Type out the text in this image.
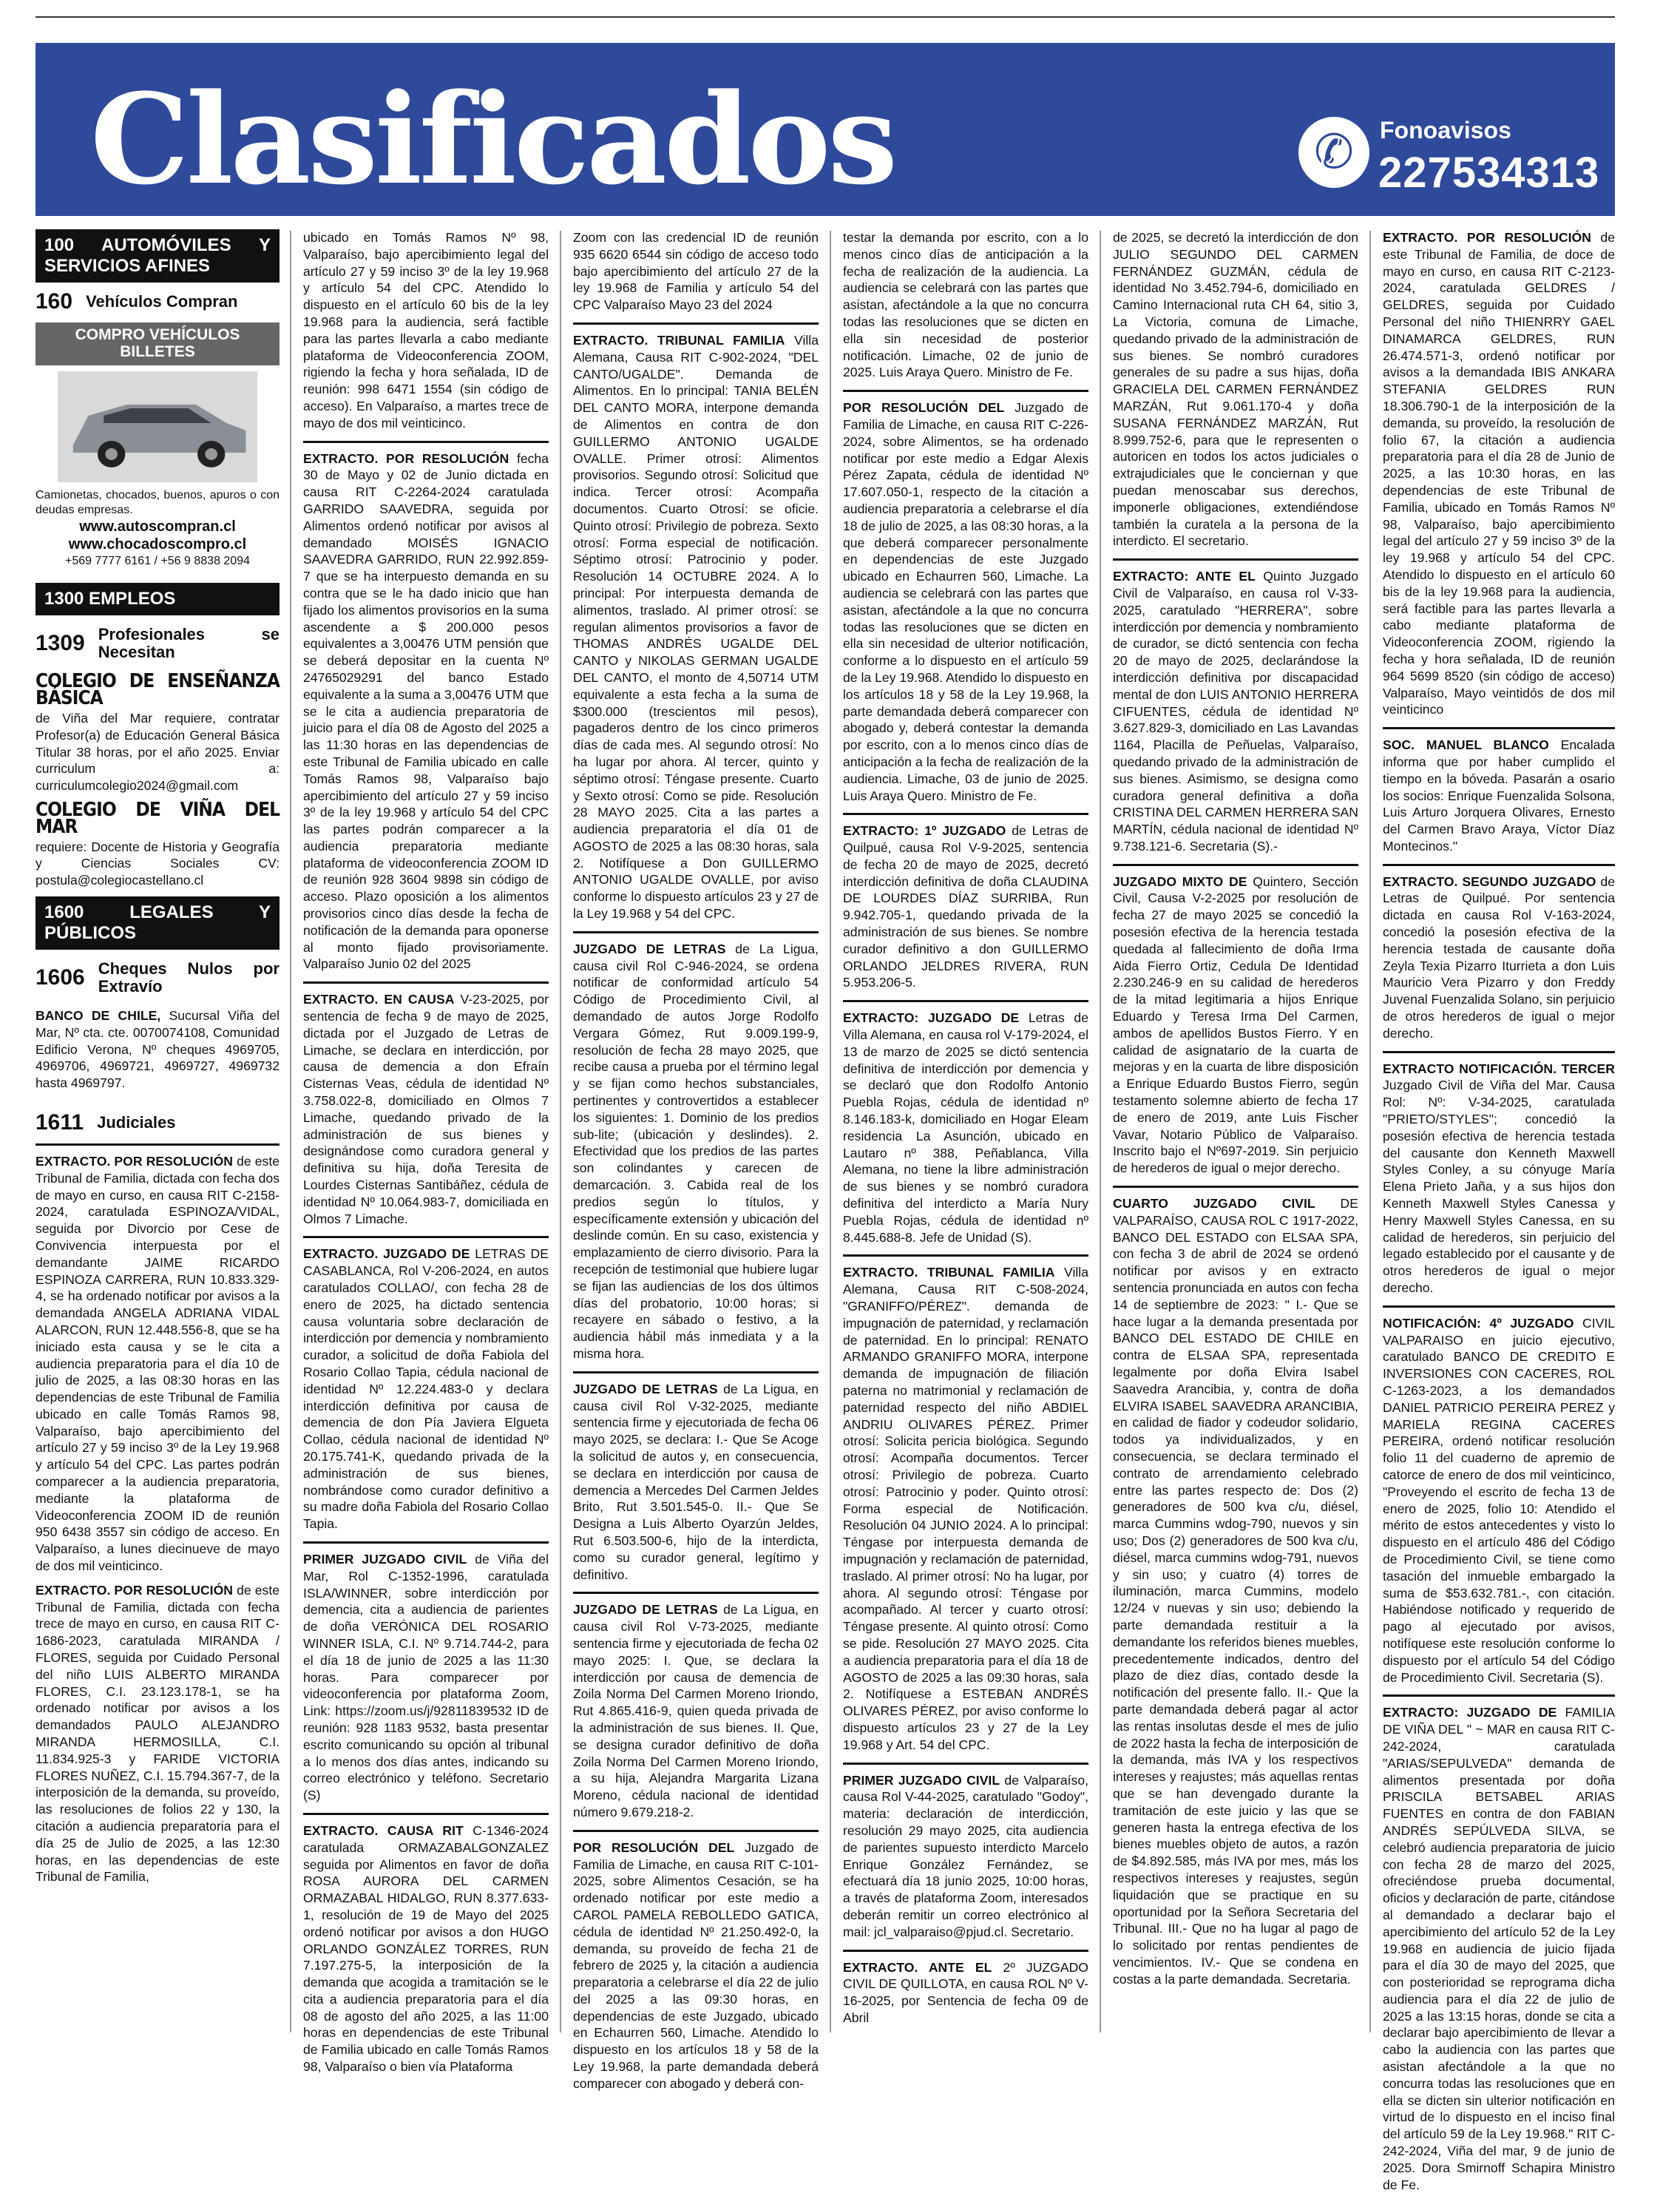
Clasificados	✆	Fonoavisos
227534313
100 AUTOMÓVILES Y SERVICIOS AFINES
160 Vehículos Compran
COMPRO VEHÍCULOS BILLETES
Camionetas, chocados, buenos, apuros o con deudas empresas.
www.autoscompran.cl
www.chocadoscompro.cl
+569 7777 6161 / +56 9 8838 2094
1300 EMPLEOS
1309 Profesionales se Necesitan
COLEGIO DE ENSEÑANZA BÁSICA

de Viña del Mar requiere, contratar Profesor(a) de Educación General Básica Titular 38 horas, por el año 2025. Enviar curriculum a: curriculumcolegio2024@gmail.com

COLEGIO DE VIÑA DEL MAR

requiere: Docente de Historia y Geografía y Ciencias Sociales CV: postula@colegiocastellano.cl

1600 LEGALES Y PÚBLICOS
1606 Cheques Nulos por Extravío

BANCO DE CHILE, Sucursal Viña del Mar, Nº cta. cte. 0070074108, Comunidad Edificio Verona, Nº cheques 4969705, 4969706, 4969721, 4969727, 4969732 hasta 4969797.

1611 Judiciales

EXTRACTO. POR RESOLUCIÓN de este Tribunal de Familia, dictada con fecha dos de mayo en curso, en causa RIT C-2158-2024, caratulada ESPINOZA/VIDAL, seguida por Divorcio por Cese de Convivencia interpuesta por el demandante JAIME RICARDO ESPINOZA CARRERA, RUN 10.833.329-4, se ha ordenado notificar por avisos a la demandada ANGELA ADRIANA VIDAL ALARCON, RUN 12.448.556-8, que se ha iniciado esta causa y se le cita a audiencia preparatoria para el día 10 de julio de 2025, a las 08:30 horas en las dependencias de este Tribunal de Familia ubicado en calle Tomás Ramos 98, Valparaíso, bajo apercibimiento del artículo 27 y 59 inciso 3º de la Ley 19.968 y artículo 54 del CPC. Las partes podrán comparecer a la audiencia preparatoria, mediante la plataforma de Videoconferencia ZOOM ID de reunión 950 6438 3557 sin código de acceso. En Valparaíso, a lunes diecinueve de mayo de dos mil veinticinco.

EXTRACTO. POR RESOLUCIÓN de este Tribunal de Familia, dictada con fecha trece de mayo en curso, en causa RIT C-1686-2023, caratulada MIRANDA / FLORES, seguida por Cuidado Personal del niño LUIS ALBERTO MIRANDA FLORES, C.I. 23.123.178-1, se ha ordenado notificar por avisos a los demandados PAULO ALEJANDRO MIRANDA HERMOSILLA, C.I. 11.834.925-3 y FARIDE VICTORIA FLORES NUÑEZ, C.I. 15.794.367-7, de la interposición de la demanda, su proveído, las resoluciones de folios 22 y 130, la citación a audiencia preparatoria para el día 25 de Julio de 2025, a las 12:30 horas, en las dependencias de este Tribunal de Familia,

ubicado en Tomás Ramos Nº 98, Valparaíso, bajo apercibimiento legal del artículo 27 y 59 inciso 3º de la ley 19.968 y artículo 54 del CPC. Atendido lo dispuesto en el artículo 60 bis de la ley 19.968 para la audiencia, será factible para las partes llevarla a cabo mediante plataforma de Videoconferencia ZOOM, rigiendo la fecha y hora señalada, ID de reunión: 998 6471 1554 (sin código de acceso). En Valparaíso, a martes trece de mayo de dos mil veinticinco.

EXTRACTO. POR RESOLUCIÓN fecha 30 de Mayo y 02 de Junio dictada en causa RIT C-2264-2024 caratulada GARRIDO SAAVEDRA, seguida por Alimentos ordenó notificar por avisos al demandado MOISÉS IGNACIO SAAVEDRA GARRIDO, RUN 22.992.859-7 que se ha interpuesto demanda en su contra que se le ha dado inicio que han fijado los alimentos provisorios en la suma ascendente a $ 200.000 pesos equivalentes a 3,00476 UTM pensión que se deberá depositar en la cuenta Nº 24765029291 del banco Estado equivalente a la suma a 3,00476 UTM que se le cita a audiencia preparatoria de juicio para el día 08 de Agosto del 2025 a las 11:30 horas en las dependencias de este Tribunal de Familia ubicado en calle Tomás Ramos 98, Valparaíso bajo apercibimiento del artículo 27 y 59 inciso 3º de la ley 19.968 y artículo 54 del CPC las partes podrán comparecer a la audiencia preparatoria mediante plataforma de videoconferencia ZOOM ID de reunión 928 3604 9898 sin código de acceso. Plazo oposición a los alimentos provisorios cinco días desde la fecha de notificación de la demanda para oponerse al monto fijado provisoriamente. Valparaíso Junio 02 del 2025

EXTRACTO. EN CAUSA V-23-2025, por sentencia de fecha 9 de mayo de 2025, dictada por el Juzgado de Letras de Limache, se declara en interdicción, por causa de demencia a don Efraín Cisternas Veas, cédula de identidad Nº 3.758.022-8, domiciliado en Olmos 7 Limache, quedando privado de la administración de sus bienes y designándose como curadora general y definitiva su hija, doña Teresita de Lourdes Cisternas Santibáñez, cédula de identidad Nº 10.064.983-7, domiciliada en Olmos 7 Limache.

EXTRACTO. JUZGADO DE LETRAS DE CASABLANCA, Rol V-206-2024, en autos caratulados COLLAO/, con fecha 28 de enero de 2025, ha dictado sentencia causa voluntaria sobre declaración de interdicción por demencia y nombramiento curador, a solicitud de doña Fabiola del Rosario Collao Tapia, cédula nacional de identidad Nº 12.224.483-0 y declara interdicción definitiva por causa de demencia de don Pía Javiera Elgueta Collao, cédula nacional de identidad Nº 20.175.741-K, quedando privada de la administración de sus bienes, nombrándose como curador definitivo a su madre doña Fabiola del Rosario Collao Tapia.

PRIMER JUZGADO CIVIL de Viña del Mar, Rol C-1352-1996, caratulada ISLA/WINNER, sobre interdicción por demencia, cita a audiencia de parientes de doña VERÓNICA DEL ROSARIO WINNER ISLA, C.I. Nº 9.714.744-2, para el día 18 de junio de 2025 a las 11:30 horas. Para comparecer por videoconferencia por plataforma Zoom, Link: https://zoom.us/j/92811839532 ID de reunión: 928 1183 9532, basta presentar escrito comunicando su opción al tribunal a lo menos dos días antes, indicando su correo electrónico y teléfono. Secretario (S)

EXTRACTO. CAUSA RIT C-1346-2024 caratulada ORMAZABALGONZALEZ seguida por Alimentos en favor de doña ROSA AURORA DEL CARMEN ORMAZABAL HIDALGO, RUN 8.377.633-1, resolución de 19 de Mayo del 2025 ordenó notificar por avisos a don HUGO ORLANDO GONZÁLEZ TORRES, RUN 7.197.275-5, la interposición de la demanda que acogida a tramitación se le cita a audiencia preparatoria para el día 08 de agosto del año 2025, a las 11:00 horas en dependencias de este Tribunal de Familia ubicado en calle Tomás Ramos 98, Valparaíso o bien vía Plataforma

Zoom con las credencial ID de reunión 935 6620 6544 sin código de acceso todo bajo apercibimiento del artículo 27 de la ley 19.968 de Familia y artículo 54 del CPC Valparaíso Mayo 23 del 2024

EXTRACTO. TRIBUNAL FAMILIA Villa Alemana, Causa RIT C-902-2024, "DEL CANTO/UGALDE". Demanda de Alimentos. En lo principal: TANIA BELÉN DEL CANTO MORA, interpone demanda de Alimentos en contra de don GUILLERMO ANTONIO UGALDE OVALLE. Primer otrosí: Alimentos provisorios. Segundo otrosí: Solicitud que indica. Tercer otrosí: Acompaña documentos. Cuarto Otrosí: se oficie. Quinto otrosí: Privilegio de pobreza. Sexto otrosí: Forma especial de notificación. Séptimo otrosí: Patrocinio y poder. Resolución 14 OCTUBRE 2024. A lo principal: Por interpuesta demanda de alimentos, traslado. Al primer otrosí: se regulan alimentos provisorios a favor de THOMAS ANDRÉS UGALDE DEL CANTO y NIKOLAS GERMAN UGALDE DEL CANTO, el monto de 4,50714 UTM equivalente a esta fecha a la suma de $300.000 (trescientos mil pesos), pagaderos dentro de los cinco primeros días de cada mes. Al segundo otrosí: No ha lugar por ahora. Al tercer, quinto y séptimo otrosí: Téngase presente. Cuarto y Sexto otrosí: Como se pide. Resolución 28 MAYO 2025. Cita a las partes a audiencia preparatoria el día 01 de AGOSTO de 2025 a las 08:30 horas, sala 2. Notifíquese a Don GUILLERMO ANTONIO UGALDE OVALLE, por aviso conforme lo dispuesto artículos 23 y 27 de la Ley 19.968 y 54 del CPC.

JUZGADO DE LETRAS de La Ligua, causa civil Rol C-946-2024, se ordena notificar de conformidad artículo 54 Código de Procedimiento Civil, al demandado de autos Jorge Rodolfo Vergara Gómez, Rut 9.009.199-9, resolución de fecha 28 mayo 2025, que recibe causa a prueba por el término legal y se fijan como hechos substanciales, pertinentes y controvertidos a establecer los siguientes: 1. Dominio de los predios sub-lite; (ubicación y deslindes). 2. Efectividad que los predios de las partes son colindantes y carecen de demarcación. 3. Cabida real de los predios según lo títulos, y específicamente extensión y ubicación del deslinde común. En su caso, existencia y emplazamiento de cierro divisorio. Para la recepción de testimonial que hubiere lugar se fijan las audiencias de los dos últimos días del probatorio, 10:00 horas; si recayere en sábado o festivo, a la audiencia hábil más inmediata y a la misma hora.

JUZGADO DE LETRAS de La Ligua, en causa civil Rol V-32-2025, mediante sentencia firme y ejecutoriada de fecha 06 mayo 2025, se declara: I.- Que Se Acoge la solicitud de autos y, en consecuencia, se declara en interdicción por causa de demencia a Mercedes Del Carmen Jeldes Brito, Rut 3.501.545-0. II.- Que Se Designa a Luis Alberto Oyarzún Jeldes, Rut 6.503.500-6, hijo de la interdicta, como su curador general, legítimo y definitivo.

JUZGADO DE LETRAS de La Ligua, en causa civil Rol V-73-2025, mediante sentencia firme y ejecutoriada de fecha 02 mayo 2025: I. Que, se declara la interdicción por causa de demencia de Zoila Norma Del Carmen Moreno Iriondo, Rut 4.865.416-9, quien queda privada de la administración de sus bienes. II. Que, se designa curador definitivo de doña Zoila Norma Del Carmen Moreno Iriondo, a su hija, Alejandra Margarita Lizana Moreno, cédula nacional de identidad número 9.679.218-2.

POR RESOLUCIÓN DEL Juzgado de Familia de Limache, en causa RIT C-101-2025, sobre Alimentos Cesación, se ha ordenado notificar por este medio a CAROL PAMELA REBOLLEDO GATICA, cédula de identidad Nº 21.250.492-0, la demanda, su proveído de fecha 21 de febrero de 2025 y, la citación a audiencia preparatoria a celebrarse el día 22 de julio del 2025 a las 09:30 horas, en dependencias de este Juzgado, ubicado en Echaurren 560, Limache. Atendido lo dispuesto en los artículos 18 y 58 de la Ley 19.968, la parte demandada deberá comparecer con abogado y deberá con-

testar la demanda por escrito, con a lo menos cinco días de anticipación a la fecha de realización de la audiencia. La audiencia se celebrará con las partes que asistan, afectándole a la que no concurra todas las resoluciones que se dicten en ella sin necesidad de posterior notificación. Limache, 02 de junio de 2025. Luis Araya Quero. Ministro de Fe.

POR RESOLUCIÓN DEL Juzgado de Familia de Limache, en causa RIT C-226-2024, sobre Alimentos, se ha ordenado notificar por este medio a Edgar Alexis Pérez Zapata, cédula de identidad Nº 17.607.050-1, respecto de la citación a audiencia preparatoria a celebrarse el día 18 de julio de 2025, a las 08:30 horas, a la que deberá comparecer personalmente en dependencias de este Juzgado ubicado en Echaurren 560, Limache. La audiencia se celebrará con las partes que asistan, afectándole a la que no concurra todas las resoluciones que se dicten en ella sin necesidad de ulterior notificación, conforme a lo dispuesto en el artículo 59 de la Ley 19.968. Atendido lo dispuesto en los artículos 18 y 58 de la Ley 19.968, la parte demandada deberá comparecer con abogado y, deberá contestar la demanda por escrito, con a lo menos cinco días de anticipación a la fecha de realización de la audiencia. Limache, 03 de junio de 2025. Luis Araya Quero. Ministro de Fe.

EXTRACTO: 1º JUZGADO de Letras de Quilpué, causa Rol V-9-2025, sentencia de fecha 20 de mayo de 2025, decretó interdicción definitiva de doña CLAUDINA DE LOURDES DÍAZ SURRIBA, Run 9.942.705-1, quedando privada de la administración de sus bienes. Se nombre curador definitivo a don GUILLERMO ORLANDO JELDRES RIVERA, RUN 5.953.206-5.

EXTRACTO: JUZGADO DE Letras de Villa Alemana, en causa rol V-179-2024, el 13 de marzo de 2025 se dictó sentencia definitiva de interdicción por demencia y se declaró que don Rodolfo Antonio Puebla Rojas, cédula de identidad nº 8.146.183-k, domiciliado en Hogar Eleam residencia La Asunción, ubicado en Lautaro nº 388, Peñablanca, Villa Alemana, no tiene la libre administración de sus bienes y se nombró curadora definitiva del interdicto a María Nury Puebla Rojas, cédula de identidad nº 8.445.688-8. Jefe de Unidad (S).

EXTRACTO. TRIBUNAL FAMILIA Villa Alemana, Causa RIT C-508-2024, "GRANIFFO/PÉREZ". demanda de impugnación de paternidad, y reclamación de paternidad. En lo principal: RENATO ARMANDO GRANIFFO MORA, interpone demanda de impugnación de filiación paterna no matrimonial y reclamación de paternidad respecto del niño ABDIEL ANDRIU OLIVARES PÉREZ. Primer otrosí: Solicita pericia biológica. Segundo otrosí: Acompaña documentos. Tercer otrosí: Privilegio de pobreza. Cuarto otrosí: Patrocinio y poder. Quinto otrosí: Forma especial de Notificación. Resolución 04 JUNIO 2024. A lo principal: Téngase por interpuesta demanda de impugnación y reclamación de paternidad, traslado. Al primer otrosí: No ha lugar, por ahora. Al segundo otrosí: Téngase por acompañado. Al tercer y cuarto otrosí: Téngase presente. Al quinto otrosí: Como se pide. Resolución 27 MAYO 2025. Cita a audiencia preparatoria para el día 18 de AGOSTO de 2025 a las 09:30 horas, sala 2. Notifíquese a ESTEBAN ANDRÉS OLIVARES PÉREZ, por aviso conforme lo dispuesto artículos 23 y 27 de la Ley 19.968 y Art. 54 del CPC.

PRIMER JUZGADO CIVIL de Valparaíso, causa Rol V-44-2025, caratulado "Godoy", materia: declaración de interdicción, resolución 29 mayo 2025, cita audiencia de parientes supuesto interdicto Marcelo Enrique González Fernández, se efectuará día 18 junio 2025, 10:00 horas, a través de plataforma Zoom, interesados deberán remitir un correo electrónico al mail: jcl_valparaiso@pjud.cl. Secretario.

EXTRACTO. ANTE EL 2º JUZGADO CIVIL DE QUILLOTA, en causa ROL Nº V-16-2025, por Sentencia de fecha 09 de Abril

de 2025, se decretó la interdicción de don JULIO SEGUNDO DEL CARMEN FERNÁNDEZ GUZMÁN, cédula de identidad No 3.452.794-6, domiciliado en Camino Internacional ruta CH 64, sitio 3, La Victoria, comuna de Limache, quedando privado de la administración de sus bienes. Se nombró curadores generales de su padre a sus hijas, doña GRACIELA DEL CARMEN FERNÁNDEZ MARZÁN, Rut 9.061.170-4 y doña SUSANA FERNÁNDEZ MARZÁN, Rut 8.999.752-6, para que le representen o autoricen en todos los actos judiciales o extrajudiciales que le conciernan y que puedan menoscabar sus derechos, imponerle obligaciones, extendiéndose también la curatela a la persona de la interdicto. El secretario.

EXTRACTO: ANTE EL Quinto Juzgado Civil de Valparaíso, en causa rol V-33-2025, caratulado "HERRERA", sobre interdicción por demencia y nombramiento de curador, se dictó sentencia con fecha 20 de mayo de 2025, declarándose la interdicción definitiva por discapacidad mental de don LUIS ANTONIO HERRERA CIFUENTES, cédula de identidad Nº 3.627.829-3, domiciliado en Las Lavandas 1164, Placilla de Peñuelas, Valparaíso, quedando privado de la administración de sus bienes. Asimismo, se designa como curadora general definitiva a doña CRISTINA DEL CARMEN HERRERA SAN MARTÍN, cédula nacional de identidad Nº 9.738.121-6. Secretaria (S).-

JUZGADO MIXTO DE Quintero, Sección Civil, Causa V-2-2025 por resolución de fecha 27 de mayo 2025 se concedió la posesión efectiva de la herencia testada quedada al fallecimiento de doña Irma Aida Fierro Ortiz, Cedula De Identidad 2.230.246-9 en su calidad de herederos de la mitad legitimaria a hijos Enrique Eduardo y Teresa Irma Del Carmen, ambos de apellidos Bustos Fierro. Y en calidad de asignatario de la cuarta de mejoras y en la cuarta de libre disposición a Enrique Eduardo Bustos Fierro, según testamento solemne abierto de fecha 17 de enero de 2019, ante Luis Fischer Vavar, Notario Público de Valparaíso. Inscrito bajo el Nº697-2019. Sin perjuicio de herederos de igual o mejor derecho.

CUARTO JUZGADO CIVIL DE VALPARAÍSO, CAUSA ROL C 1917-2022, BANCO DEL ESTADO con ELSAA SPA, con fecha 3 de abril de 2024 se ordenó notificar por avisos y en extracto sentencia pronunciada en autos con fecha 14 de septiembre de 2023: " I.- Que se hace lugar a la demanda presentada por BANCO DEL ESTADO DE CHILE en contra de ELSAA SPA, representada legalmente por doña Elvira Isabel Saavedra Arancibia, y, contra de doña ELVIRA ISABEL SAAVEDRA ARANCIBIA, en calidad de fiador y codeudor solidario, todos ya individualizados, y en consecuencia, se declara terminado el contrato de arrendamiento celebrado entre las partes respecto de: Dos (2) generadores de 500 kva c/u, diésel, marca Cummins wdog-790, nuevos y sin uso; Dos (2) generadores de 500 kva c/u, diésel, marca cummins wdog-791, nuevos y sin uso; y cuatro (4) torres de iluminación, marca Cummins, modelo 12/24 v nuevas y sin uso; debiendo la parte demandada restituir a la demandante los referidos bienes muebles, precedentemente indicados, dentro del plazo de diez días, contado desde la notificación del presente fallo. II.- Que la parte demandada deberá pagar al actor las rentas insolutas desde el mes de julio de 2022 hasta la fecha de interposición de la demanda, más IVA y los respectivos intereses y reajustes; más aquellas rentas que se han devengado durante la tramitación de este juicio y las que se generen hasta la entrega efectiva de los bienes muebles objeto de autos, a razón de $4.892.585, más IVA por mes, más los respectivos intereses y reajustes, según liquidación que se practique en su oportunidad por la Señora Secretaria del Tribunal. III.- Que no ha lugar al pago de lo solicitado por rentas pendientes de vencimientos. IV.- Que se condena en costas a la parte demandada. Secretaria.

EXTRACTO. POR RESOLUCIÓN de este Tribunal de Familia, de doce de mayo en curso, en causa RIT C-2123-2024, caratulada GELDRES / GELDRES, seguida por Cuidado Personal del niño THIENRRY GAEL DINAMARCA GELDRES, RUN 26.474.571-3, ordenó notificar por avisos a la demandada IBIS ANKARA STEFANIA GELDRES RUN 18.306.790-1 de la interposición de la demanda, su proveído, la resolución de folio 67, la citación a audiencia preparatoria para el día 28 de Junio de 2025, a las 10:30 horas, en las dependencias de este Tribunal de Familia, ubicado en Tomás Ramos Nº 98, Valparaíso, bajo apercibimiento legal del artículo 27 y 59 inciso 3º de la ley 19.968 y artículo 54 del CPC. Atendido lo dispuesto en el artículo 60 bis de la ley 19.968 para la audiencia, será factible para las partes llevarla a cabo mediante plataforma de Videoconferencia ZOOM, rigiendo la fecha y hora señalada, ID de reunión 964 5699 8520 (sin código de acceso) Valparaíso, Mayo veintidós de dos mil veinticinco

SOC. MANUEL BLANCO Encalada informa que por haber cumplido el tiempo en la bóveda. Pasarán a osario los socios: Enrique Fuenzalida Solsona, Luis Arturo Jorquera Olivares, Ernesto del Carmen Bravo Araya, Víctor Díaz Montecinos."

EXTRACTO. SEGUNDO JUZGADO de Letras de Quilpué. Por sentencia dictada en causa Rol V-163-2024, concedió la posesión efectiva de la herencia testada de causante doña Zeyla Texia Pizarro Iturrieta a don Luis Mauricio Vera Pizarro y don Freddy Juvenal Fuenzalida Solano, sin perjuicio de otros herederos de igual o mejor derecho.

EXTRACTO NOTIFICACIÓN. TERCER Juzgado Civil de Viña del Mar. Causa Rol: Nº: V-34-2025, caratulada "PRIETO/STYLES"; concedió la posesión efectiva de herencia testada del causante don Kenneth Maxwell Styles Conley, a su cónyuge María Elena Prieto Jaña, y a sus hijos don Kenneth Maxwell Styles Canessa y Henry Maxwell Styles Canessa, en su calidad de herederos, sin perjuicio del legado establecido por el causante y de otros herederos de igual o mejor derecho.

NOTIFICACIÓN: 4º JUZGADO CIVIL VALPARAISO en juicio ejecutivo, caratulado BANCO DE CREDITO E INVERSIONES CON CACERES, ROL C-1263-2023, a los demandados DANIEL PATRICIO PEREIRA PEREZ y MARIELA REGINA CACERES PEREIRA, ordenó notificar resolución folio 11 del cuaderno de apremio de catorce de enero de dos mil veinticinco, "Proveyendo el escrito de fecha 13 de enero de 2025, folio 10: Atendido el mérito de estos antecedentes y visto lo dispuesto en el artículo 486 del Código de Procedimiento Civil, se tiene como tasación del inmueble embargado la suma de $53.632.781.-, con citación. Habiéndose notificado y requerido de pago al ejecutado por avisos, notifíquese este resolución conforme lo dispuesto por el artículo 54 del Código de Procedimiento Civil. Secretaria (S).

EXTRACTO: JUZGADO DE FAMILIA DE VIÑA DEL " ~ MAR en causa RIT C-242-2024, caratulada "ARIAS/SEPULVEDA" demanda de alimentos presentada por doña PRISCILA BETSABEL ARIAS FUENTES en contra de don FABIAN ANDRÉS SEPÚLVEDA SILVA, se celebró audiencia preparatoria de juicio con fecha 28 de marzo del 2025, ofreciéndose prueba documental, oficios y declaración de parte, citándose al demandado a declarar bajo el apercibimiento del artículo 52 de la Ley 19.968 en audiencia de juicio fijada para el día 30 de mayo del 2025, que con posterioridad se reprograma dicha audiencia para el día 22 de julio de 2025 a las 13:15 horas, donde se cita a declarar bajo apercibimiento de llevar a cabo la audiencia con las partes que asistan afectándole a la que no concurra todas las resoluciones que en ella se dicten sin ulterior notificación en virtud de lo dispuesto en el inciso final del artículo 59 de la Ley 19.968." RIT C-242-2024, Viña del mar, 9 de junio de 2025. Dora Smirnoff Schapira Ministro de Fe.
